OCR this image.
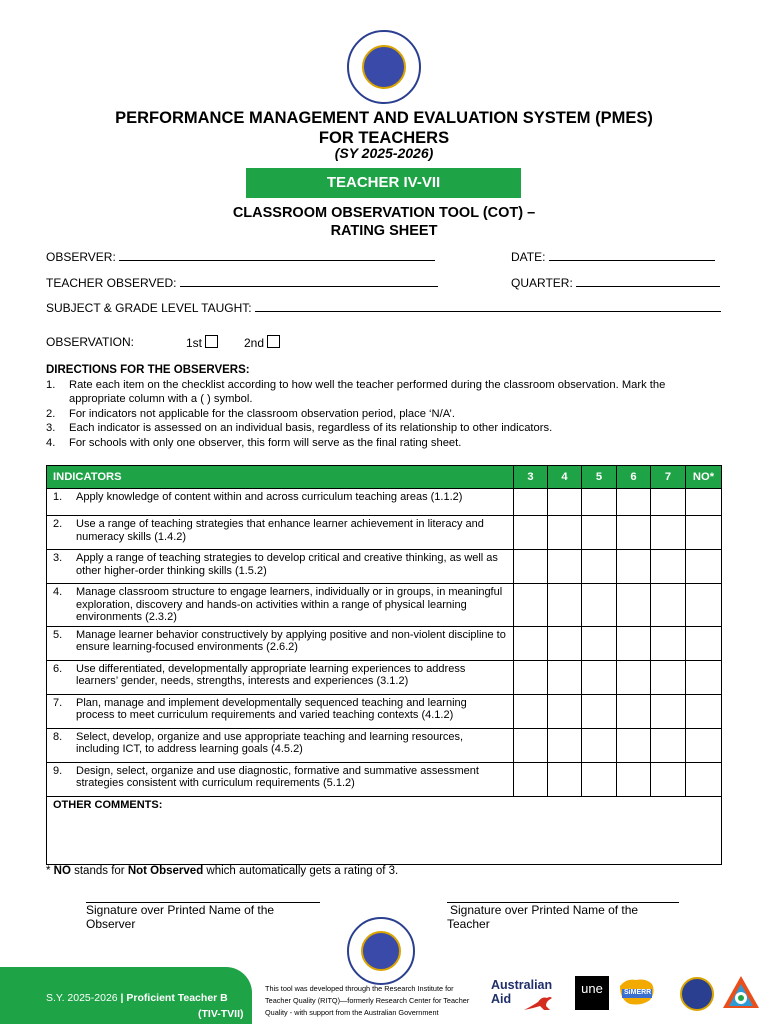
PERFORMANCE MANAGEMENT AND EVALUATION SYSTEM (PMES)
FOR TEACHERS
(SY 2025-2026)
TEACHER IV-VII
CLASSROOM OBSERVATION TOOL (COT) –
RATING SHEET
OBSERVER:	DATE:
TEACHER OBSERVED:	QUARTER:
SUBJECT & GRADE LEVEL TAUGHT:
OBSERVATION:	1st	2nd
DIRECTIONS FOR THE OBSERVERS:
1.	Rate each item on the checklist according to how well the teacher performed during the classroom observation. Mark the
appropriate column with a ( ) symbol.
2.	For indicators not applicable for the classroom observation period, place ‘N/A’.
3.	Each indicator is assessed on an individual basis, regardless of its relationship to other indicators.
4.	For schools with only one observer, this form will serve as the final rating sheet.
INDICATORS	3	4	5	6	7	NO*

1. Apply knowledge of content within and across curriculum teaching areas (1.1.2)						

2. Use a range of teaching strategies that enhance learner achievement in literacy and numeracy skills (1.4.2)						

3. Apply a range of teaching strategies to develop critical and creative thinking, as well as other higher-order thinking skills (1.5.2)						

4. Manage classroom structure to engage learners, individually or in groups, in meaningful exploration, discovery and hands-on activities within a range of physical learning environments (2.3.2)						

5. Manage learner behavior constructively by applying positive and non-violent discipline to ensure learning-focused environments (2.6.2)						

6. Use differentiated, developmentally appropriate learning experiences to address learners’ gender, needs, strengths, interests and experiences (3.1.2)						

7. Plan, manage and implement developmentally sequenced teaching and learning process to meet curriculum requirements and varied teaching contexts (4.1.2)						

8. Select, develop, organize and use appropriate teaching and learning resources, including ICT, to address learning goals (4.5.2)						

9. Design, select, organize and use diagnostic, formative and summative assessment strategies consistent with curriculum requirements (5.1.2)						

OTHER COMMENTS:						
* NO stands for Not Observed which automatically gets a rating of 3.
Signature over Printed Name of the Observer
Signature over Printed Name of the Teacher
S.Y. 2025-2026 | Proficient Teacher B
(TIV-TVII)
This tool was developed through the Research Institute for
Teacher Quality (RITQ)—formerly Research Center for Teacher
Quality - with support from the Australian Government
Australian
Aid
une	SiMERR
